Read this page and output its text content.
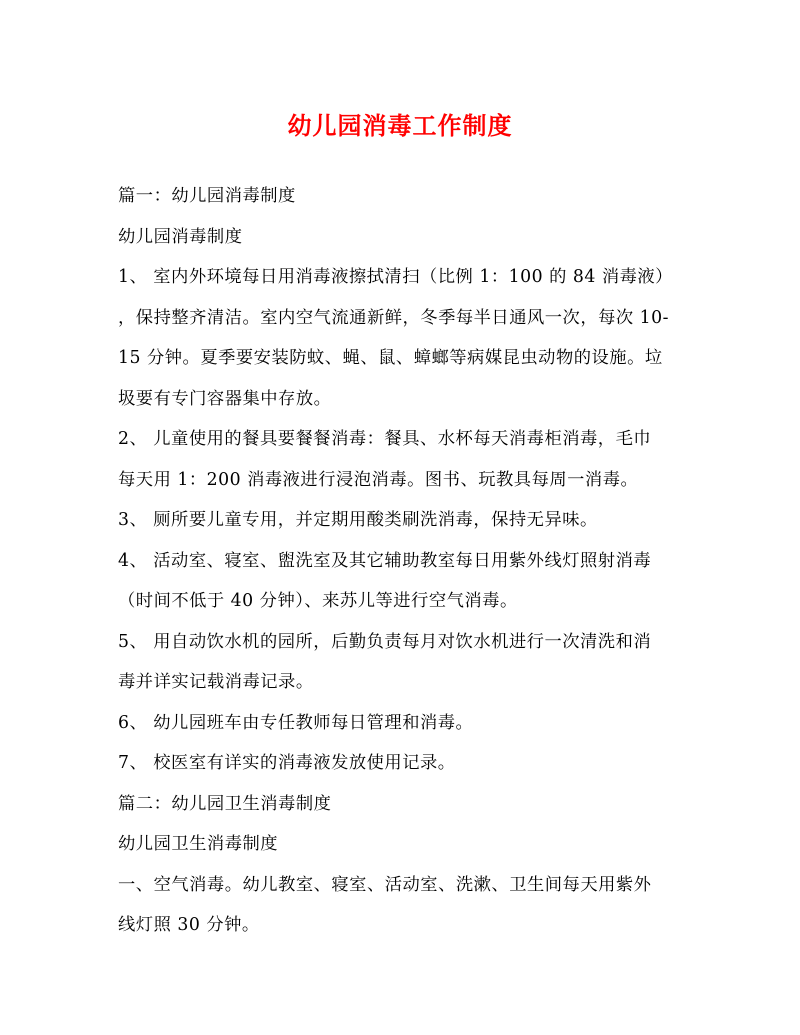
幼儿园消毒工作制度

篇一：幼儿园消毒制度

幼儿园消毒制度

1、 室内外环境每日用消毒液擦拭清扫（比例 1：100 的 84 消毒液）

，保持整齐清洁。室内空气流通新鲜，冬季每半日通风一次，每次 10-

15 分钟。夏季要安装防蚊、蝇、鼠、蟑螂等病媒昆虫动物的设施。垃

圾要有专门容器集中存放。

2、 儿童使用的餐具要餐餐消毒：餐具、水杯每天消毒柜消毒，毛巾

每天用 1：200 消毒液进行浸泡消毒。图书、玩教具每周一消毒。

3、 厕所要儿童专用，并定期用酸类刷洗消毒，保持无异味。

4、 活动室、寝室、盥洗室及其它辅助教室每日用紫外线灯照射消毒

（时间不低于 40 分钟）、来苏儿等进行空气消毒。

5、 用自动饮水机的园所，后勤负责每月对饮水机进行一次清洗和消

毒并详实记载消毒记录。

6、 幼儿园班车由专任教师每日管理和消毒。

7、 校医室有详实的消毒液发放使用记录。

篇二：幼儿园卫生消毒制度

幼儿园卫生消毒制度

一、空气消毒。幼儿教室、寝室、活动室、洗漱、卫生间每天用紫外

线灯照 30 分钟。
